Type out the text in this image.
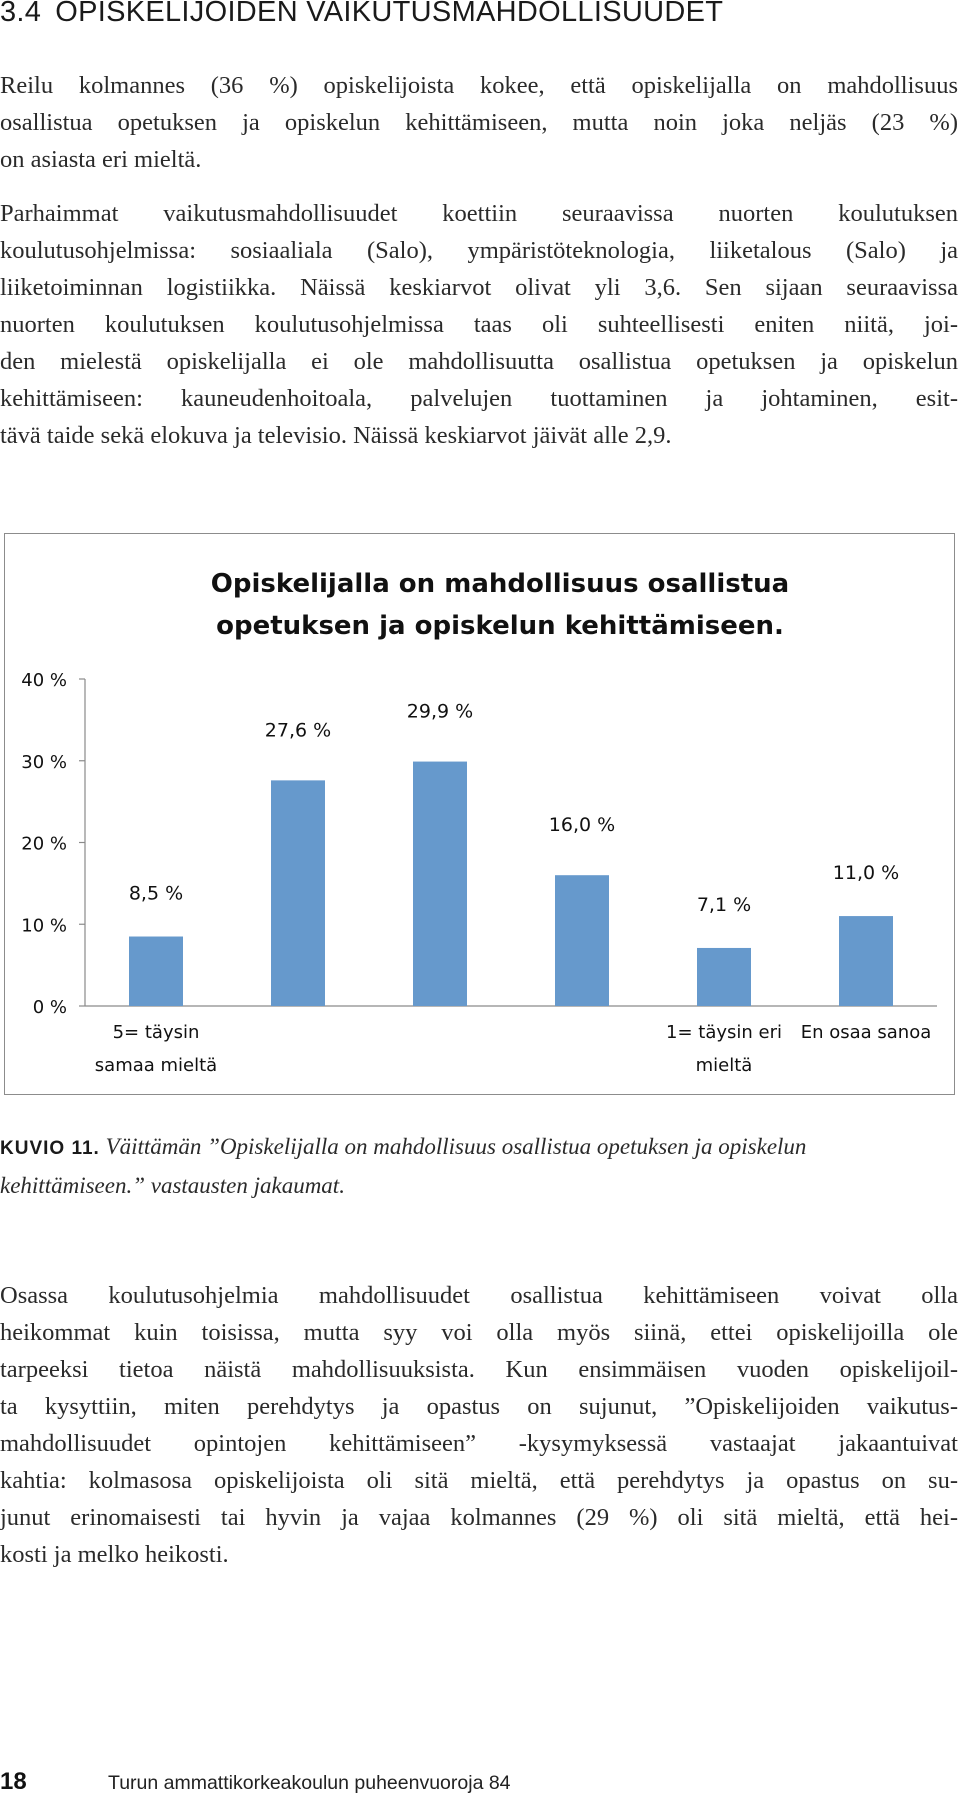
3.4 OPISKELIJOIDEN VAIKUTUSMAHDOLLISUUDET
Reilu kolmannes (36 %) opiskelijoista kokee, että opiskelijalla on mahdollisuus
osallistua opetuksen ja opiskelun kehittämiseen, mutta noin joka neljäs (23 %)
on asiasta eri mieltä.
Parhaimmat vaikutusmahdollisuudet koettiin seuraavissa nuorten koulutuksen
koulutusohjelmissa: sosiaaliala (Salo), ympäristöteknologia, liiketalous (Salo) ja
liiketoiminnan logistiikka. Näissä keskiarvot olivat yli 3,6. Sen sijaan seuraavissa
nuorten koulutuksen koulutusohjelmissa taas oli suhteellisesti eniten niitä, joi-
den mielestä opiskelijalla ei ole mahdollisuutta osallistua opetuksen ja opiskelun
kehittämiseen: kauneudenhoitoala, palvelujen tuottaminen ja johtaminen, esit-
tävä taide sekä elokuva ja televisio. Näissä keskiarvot jäivät alle 2,9.
Opiskelijalla on mahdollisuus osallistua
opetuksen ja opiskelun kehittämiseen.
0 %
10 %
20 %
30 %
40 %
8,5 %
5= täysin
samaa mieltä
27,6 %
29,9 %
16,0 %
7,1 %
1= täysin eri
mieltä
11,0 %
En osaa sanoa

KUVIO 11. Väittämän ”Opiskelijalla on mahdollisuus osallistua opetuksen ja opiskelun
kehittämiseen.” vastausten jakaumat.

Osassa koulutusohjelmia mahdollisuudet osallistua kehittämiseen voivat olla
heikommat kuin toisissa, mutta syy voi olla myös siinä, ettei opiskelijoilla ole
tarpeeksi tietoa näistä mahdollisuuksista. Kun ensimmäisen vuoden opiskelijoil-
ta kysyttiin, miten perehdytys ja opastus on sujunut, ”Opiskelijoiden vaikutus-
mahdollisuudet opintojen kehittämiseen” -kysymyksessä vastaajat jakaantuivat
kahtia: kolmasosa opiskelijoista oli sitä mieltä, että perehdytys ja opastus on su-
junut erinomaisesti tai hyvin ja vajaa kolmannes (29 %) oli sitä mieltä, että hei-
kosti ja melko heikosti.
18	Turun ammattikorkeakoulun puheenvuoroja 84
